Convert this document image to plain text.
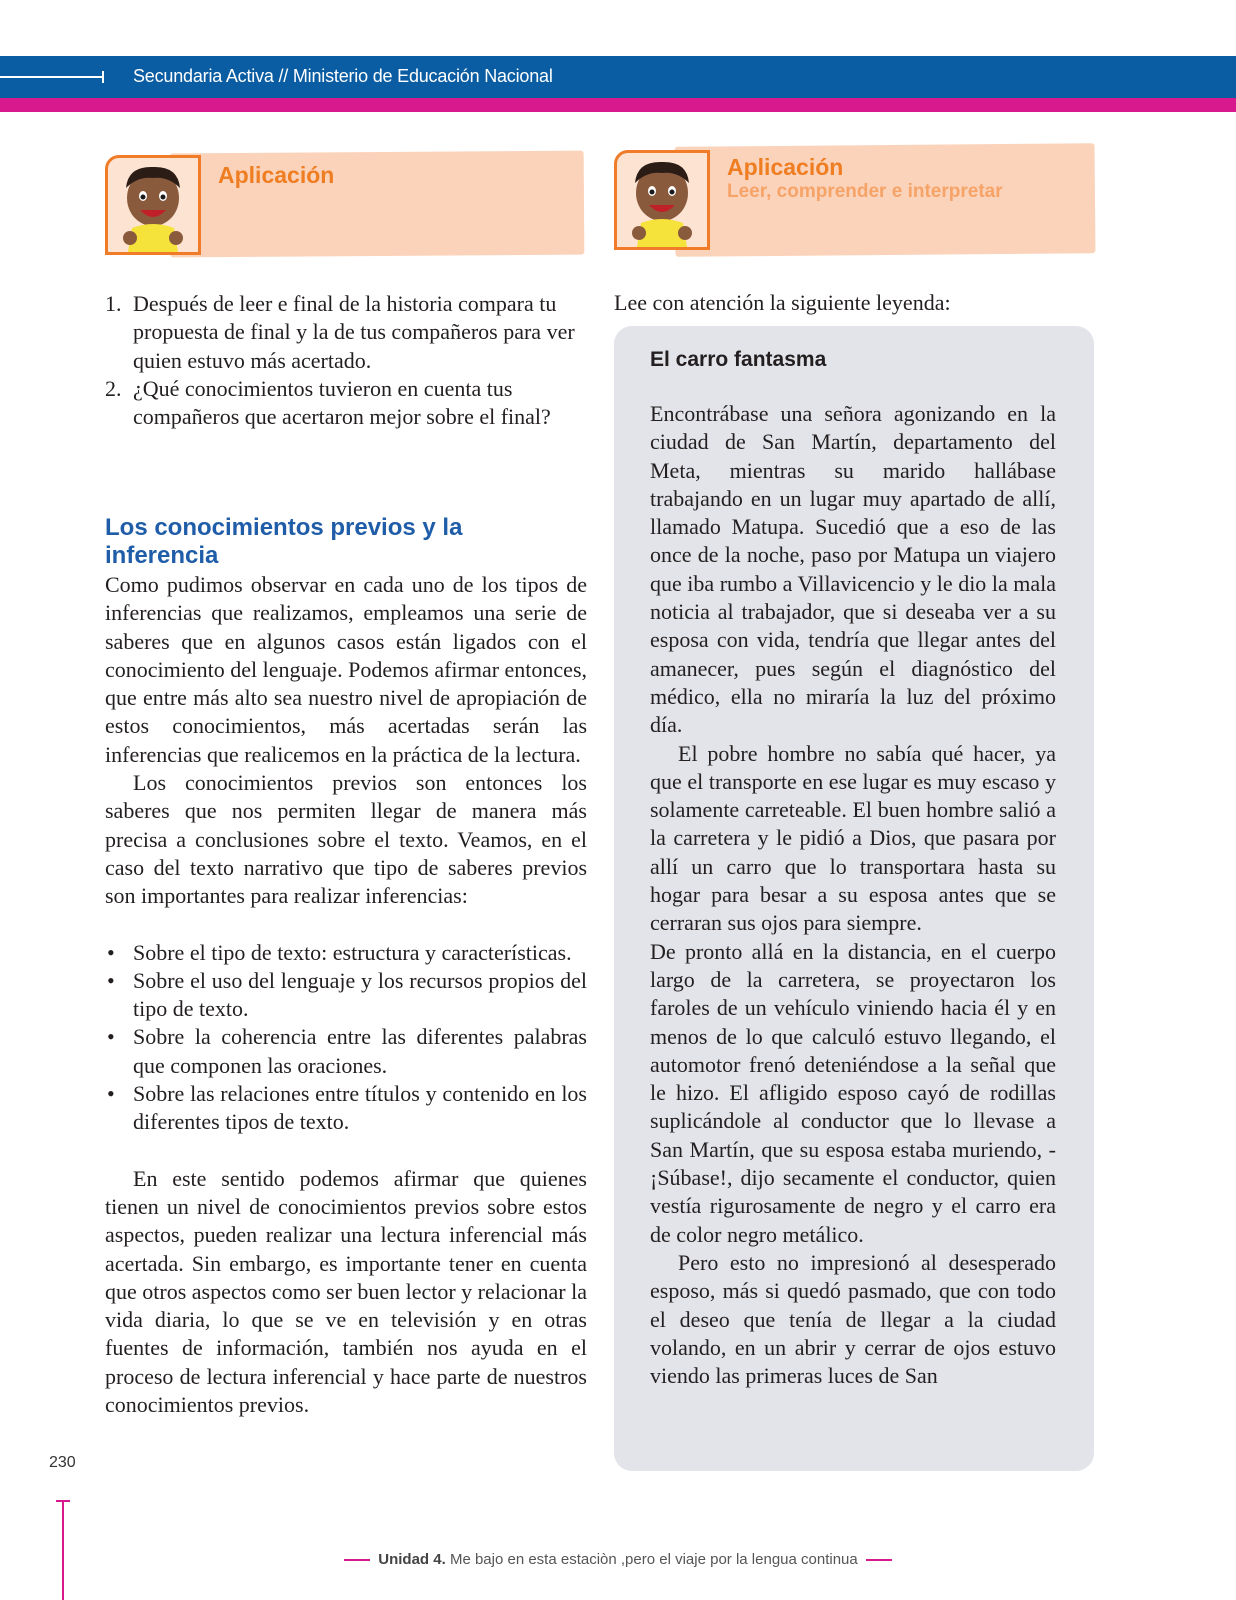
Secundaria Activa // Ministerio de Educación Nacional
Aplicación	Aplicación
Leer, comprender e interpretar
1. Después de leer e final de la historia compara tu propuesta de final y la de tus compañeros para ver quien estuvo más acertado.
2. ¿Qué conocimientos tuvieron en cuenta tus compañeros que acertaron mejor sobre el final?
Los conocimientos previos y la inferencia

Como pudimos observar en cada uno de los tipos de inferencias que realizamos, empleamos una serie de saberes que en algunos casos están ligados con el conocimiento del lenguaje. Podemos afirmar entonces, que entre más alto sea nuestro nivel de apropiación de estos conocimientos, más acertadas serán las inferencias que realicemos en la práctica de la lectura.

Los conocimientos previos son entonces los saberes que nos permiten llegar de manera más precisa a conclusiones sobre el texto. Veamos, en el caso del texto narrativo que tipo de saberes previos son importantes para realizar inferencias:

• Sobre el tipo de texto: estructura y características.
• Sobre el uso del lenguaje y los recursos propios del tipo de texto.
• Sobre la coherencia entre las diferentes palabras que componen las oraciones.
• Sobre las relaciones entre títulos y contenido en los diferentes tipos de texto.

En este sentido podemos afirmar que quienes tienen un nivel de conocimientos previos sobre estos aspectos, pueden realizar una lectura inferencial más acertada. Sin embargo, es importante tener en cuenta que otros aspectos como ser buen lector y relacionar la vida diaria, lo que se ve en televisión y en otras fuentes de información, también nos ayuda en el proceso de lectura inferencial y hace parte de nuestros conocimientos previos.

Lee con atención la siguiente leyenda:
El carro fantasma

Encontrábase una señora agonizando en la ciudad de San Martín, departamento del Meta, mientras su marido hallábase trabajando en un lugar muy apartado de allí, llamado Matupa. Sucedió que a eso de las once de la noche, paso por Matupa un viajero que iba rumbo a Villavicencio y le dio la mala noticia al trabajador, que si deseaba ver a su esposa con vida, tendría que llegar antes del amanecer, pues según el diagnóstico del médico, ella no miraría la luz del próximo día.

El pobre hombre no sabía qué hacer, ya que el transporte en ese lugar es muy escaso y solamente carreteable. El buen hombre salió a la carretera y le pidió a Dios, que pasara por allí un carro que lo transportara hasta su hogar para besar a su esposa antes que se cerraran sus ojos para siempre.

De pronto allá en la distancia, en el cuerpo largo de la carretera, se proyectaron los faroles de un vehículo viniendo hacia él y en menos de lo que calculó estuvo llegando, el automotor frenó deteniéndose a la señal que le hizo. El afligido esposo cayó de rodillas suplicándole al conductor que lo llevase a San Martín, que su esposa estaba muriendo, -¡Súbase!, dijo secamente el conductor, quien vestía rigurosamente de negro y el carro era de color negro metálico.

Pero esto no impresionó al desesperado esposo, más si quedó pasmado, que con todo el deseo que tenía de llegar a la ciudad volando, en un abrir y cerrar de ojos estuvo viendo las primeras luces de San

230
Unidad 4. Me bajo en esta estaciòn ,pero el viaje por la lengua continua
